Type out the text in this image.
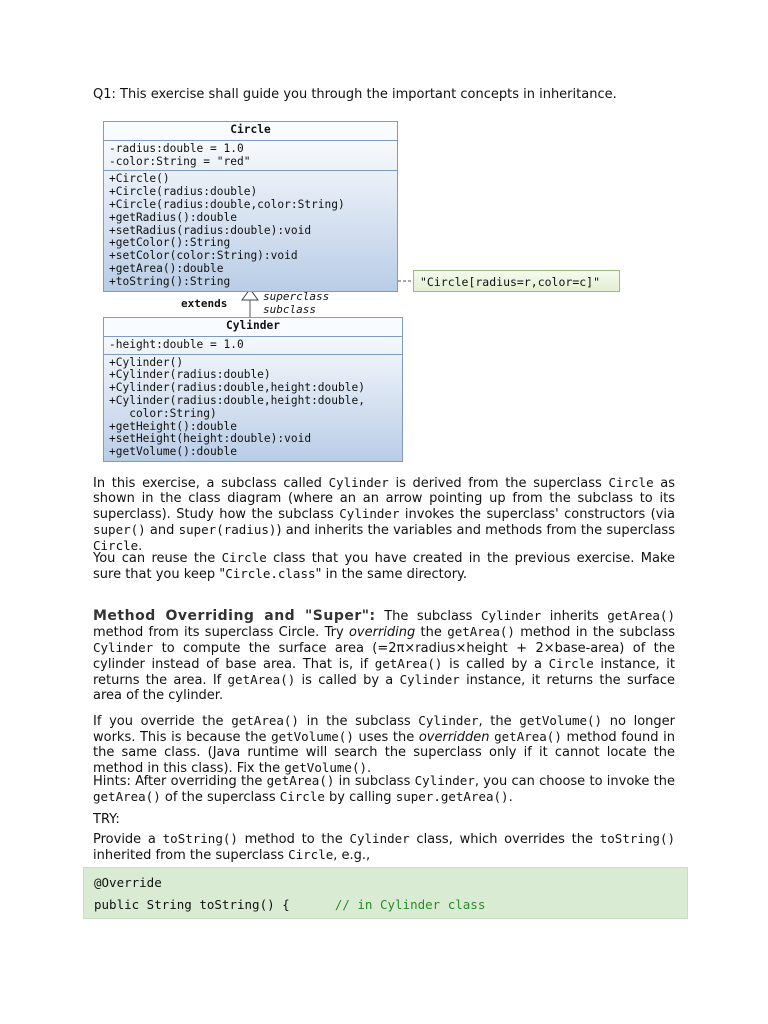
Q1: This exercise shall guide you through the important concepts in inheritance.
Circle
-radius:double = 1.0
-color:String = "red"
+Circle()
+Circle(radius:double)
+Circle(radius:double,color:String)
+getRadius():double
+setRadius(radius:double):void
+getColor():String
+setColor(color:String):void
+getArea():double
+toString():String	"Circle[radius=r,color=c]"
extends
superclass
subclass
Cylinder
-height:double = 1.0
+Cylinder()
+Cylinder(radius:double)
+Cylinder(radius:double,height:double)
+Cylinder(radius:double,height:double,
color:String)
+getHeight():double
+setHeight(height:double):void
+getVolume():double
In this exercise, a subclass called Cylinder is derived from the superclass Circle as shown in the class diagram (where an an arrow pointing up from the subclass to its superclass). Study how the subclass Cylinder invokes the superclass' constructors (via super() and super(radius)) and inherits the variables and methods from the superclass Circle.
You can reuse the Circle class that you have created in the previous exercise. Make sure that you keep "Circle.class" in the same directory.
Method Overriding and "Super": The subclass Cylinder inherits getArea() method from its superclass Circle. Try overriding the getArea() method in the subclass Cylinder to compute the surface area (=2π×radius×height + 2×base-area) of the cylinder instead of base area. That is, if getArea() is called by a Circle instance, it returns the area. If getArea() is called by a Cylinder instance, it returns the surface area of the cylinder.
If you override the getArea() in the subclass Cylinder, the getVolume() no longer works. This is because the getVolume() uses the overridden getArea() method found in the same class. (Java runtime will search the superclass only if it cannot locate the method in this class). Fix the getVolume().
Hints: After overriding the getArea() in subclass Cylinder, you can choose to invoke the getArea() of the superclass Circle by calling super.getArea().
TRY:
Provide a toString() method to the Cylinder class, which overrides the toString() inherited from the superclass Circle, e.g.,
@Override
public String toString() {      // in Cylinder class
